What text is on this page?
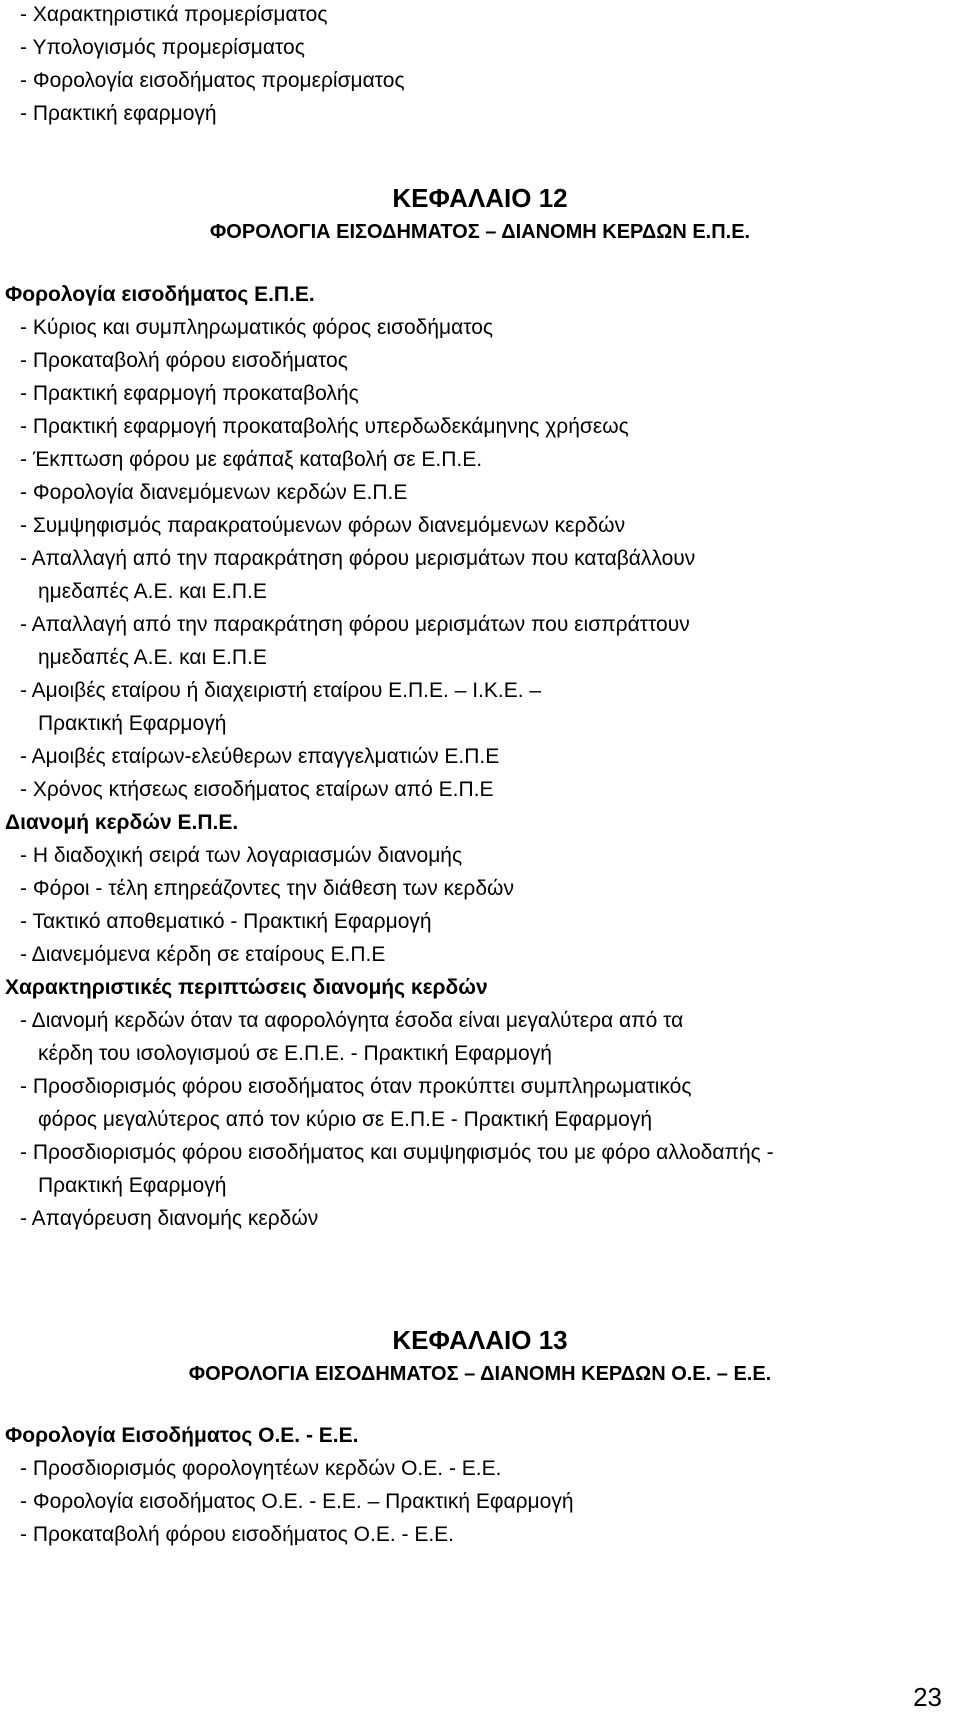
- Χαρακτηριστικά προμερίσματος
- Υπολογισμός προμερίσματος
- Φορολογία εισοδήματος προμερίσματος
- Πρακτική εφαρμογή
ΚΕΦΑΛΑΙΟ 12
ΦΟΡΟΛΟΓΙΑ ΕΙΣΟΔΗΜΑΤΟΣ – ΔΙΑΝΟΜΗ ΚΕΡΔΩΝ Ε.Π.Ε.
Φορολογία εισοδήματος Ε.Π.Ε.
- Κύριος και συμπληρωματικός φόρος εισοδήματος
- Προκαταβολή φόρου εισοδήματος
- Πρακτική εφαρμογή προκαταβολής
- Πρακτική εφαρμογή προκαταβολής υπερδωδεκάμηνης χρήσεως
- Έκπτωση φόρου με εφάπαξ καταβολή σε Ε.Π.Ε.
- Φορολογία διανεμόμενων κερδών Ε.Π.Ε
- Συμψηφισμός παρακρατούμενων φόρων διανεμόμενων κερδών
- Απαλλαγή από την παρακράτηση φόρου μερισμάτων που καταβάλλουν
ημεδαπές Α.Ε. και Ε.Π.Ε
- Απαλλαγή από την παρακράτηση φόρου μερισμάτων που εισπράττουν
ημεδαπές Α.Ε. και Ε.Π.Ε
- Αμοιβές εταίρου ή διαχειριστή εταίρου Ε.Π.Ε. – Ι.Κ.Ε. –
Πρακτική Εφαρμογή
- Αμοιβές εταίρων-ελεύθερων επαγγελματιών Ε.Π.Ε
- Χρόνος κτήσεως εισοδήματος εταίρων από Ε.Π.Ε
Διανομή κερδών Ε.Π.Ε.
- Η διαδοχική σειρά των λογαριασμών διανομής
- Φόροι - τέλη επηρεάζοντες την διάθεση των κερδών
- Τακτικό αποθεματικό - Πρακτική Εφαρμογή
- Διανεμόμενα κέρδη σε εταίρους Ε.Π.Ε
Χαρακτηριστικές περιπτώσεις διανομής κερδών
- Διανομή κερδών όταν τα αφορολόγητα έσοδα είναι μεγαλύτερα από τα
κέρδη του ισολογισμού σε Ε.Π.Ε. - Πρακτική Εφαρμογή
- Προσδιορισμός φόρου εισοδήματος όταν προκύπτει συμπληρωματικός
φόρος μεγαλύτερος από τον κύριο σε Ε.Π.Ε - Πρακτική Εφαρμογή
- Προσδιορισμός φόρου εισοδήματος και συμψηφισμός του με φόρο αλλοδαπής -
Πρακτική Εφαρμογή
- Απαγόρευση διανομής κερδών
ΚΕΦΑΛΑΙΟ 13
ΦΟΡΟΛΟΓΙΑ ΕΙΣΟΔΗΜΑΤΟΣ – ΔΙΑΝΟΜΗ ΚΕΡΔΩΝ Ο.Ε. – Ε.Ε.
Φορολογία Εισοδήματος Ο.Ε. - Ε.Ε.
- Προσδιορισμός φορολογητέων κερδών Ο.Ε. - Ε.Ε.
- Φορολογία εισοδήματος Ο.Ε. - Ε.Ε. – Πρακτική Εφαρμογή
- Προκαταβολή φόρου εισοδήματος Ο.Ε. - Ε.Ε.
23
